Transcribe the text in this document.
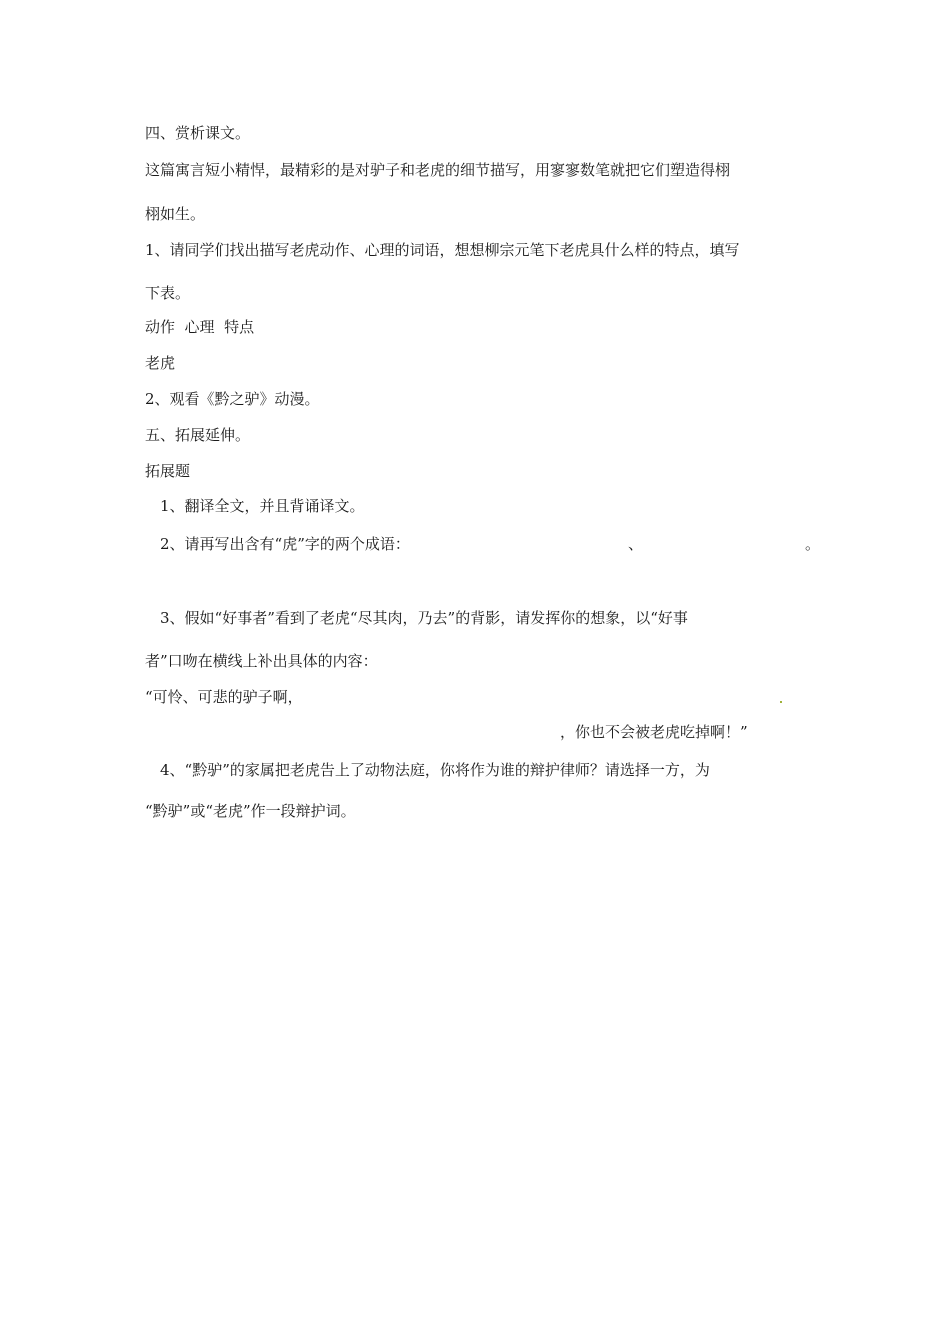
四、赏析课文。
这篇寓言短小精悍，最精彩的是对驴子和老虎的细节描写，用寥寥数笔就把它们塑造得栩
栩如生。
1、请同学们找出描写老虎动作、心理的词语，想想柳宗元笔下老虎具什么样的特点，填写
下表。
动作  心理  特点
老虎
2、观看《黔之驴》动漫。
五、拓展延伸。
拓展题
1、翻译全文，并且背诵译文。
2、请再写出含有“虎”字的两个成语：	、	。
3、假如“好事者”看到了老虎“尽其肉，乃去”的背影，请发挥你的想象，以“好事
者”口吻在横线上补出具体的内容：
“可怜、可悲的驴子啊，
，你也不会被老虎吃掉啊！”
4、“黔驴”的家属把老虎告上了动物法庭，你将作为谁的辩护律师？请选择一方，为
“黔驴”或“老虎”作一段辩护词。
